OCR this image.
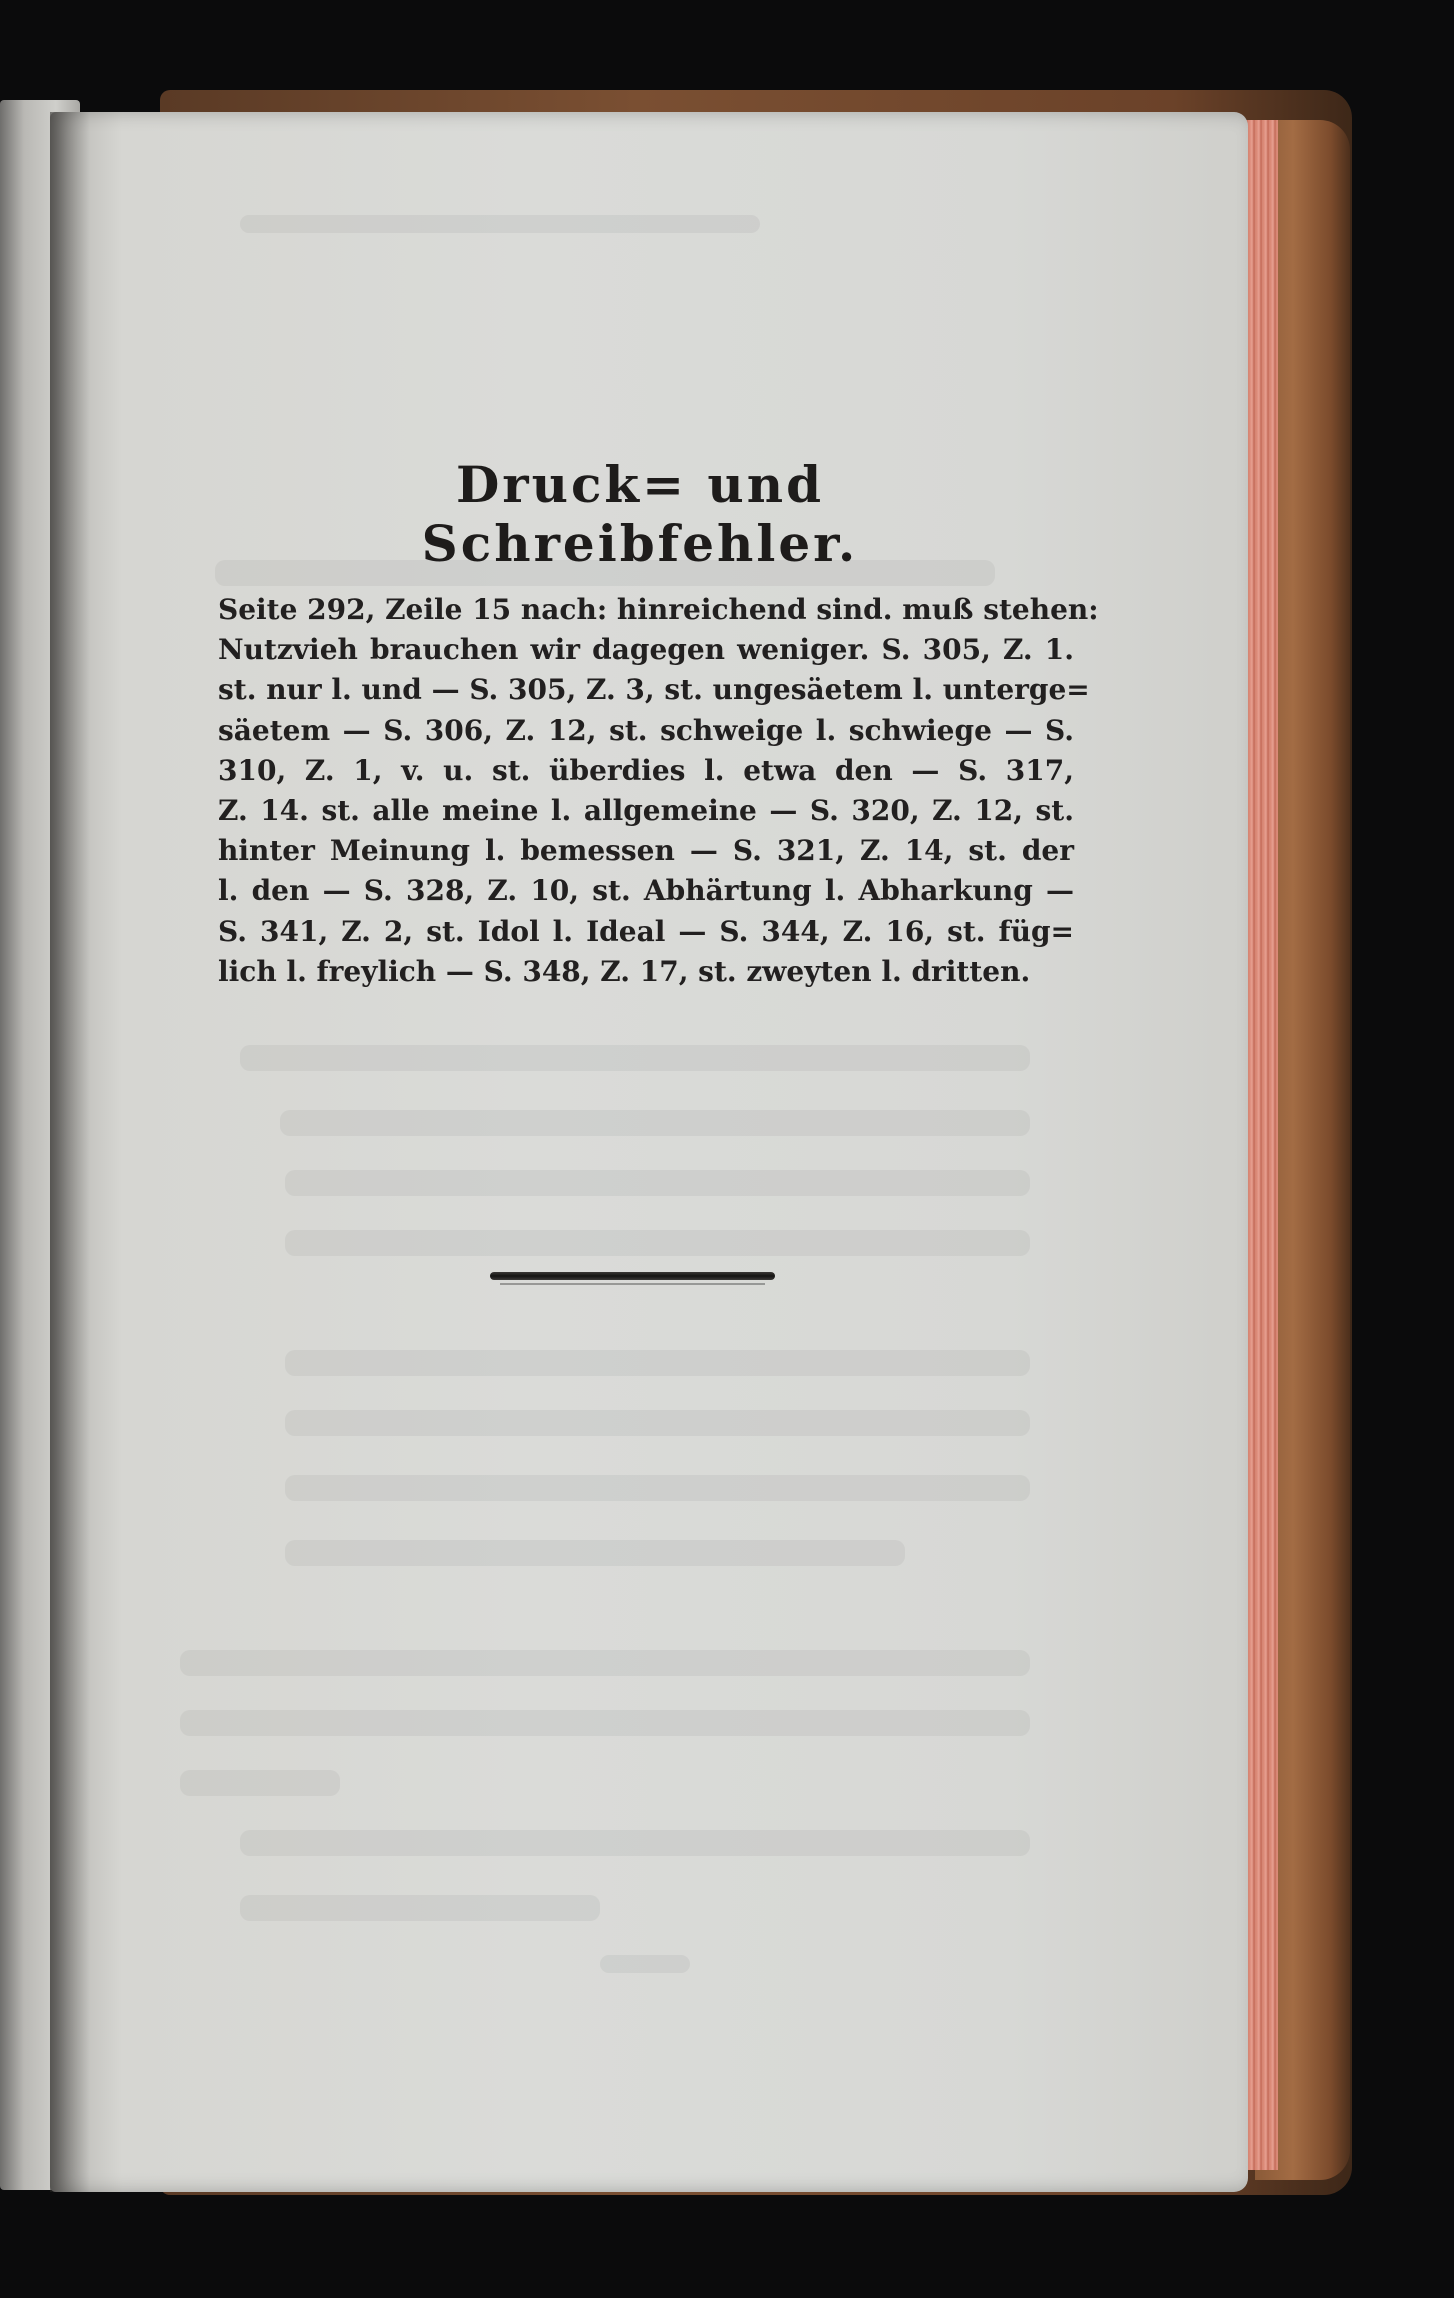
Druck= und Schreibfehler.
Seite 292, Zeile 15 nach: hinreichend sind. muß stehen:
Nutzvieh brauchen wir dagegen weniger. S. 305, Z. 1.
st. nur l. und — S. 305, Z. 3, st. ungesäetem l. unterge=
säetem — S. 306, Z. 12, st. schweige l. schwiege — S.
310, Z. 1, v. u. st. überdies l. etwa den — S. 317,
Z. 14. st. alle meine l. allgemeine — S. 320, Z. 12, st.
hinter Meinung l. bemessen — S. 321, Z. 14, st. der
l. den — S. 328, Z. 10, st. Abhärtung l. Abharkung —
S. 341, Z. 2, st. Idol l. Ideal — S. 344, Z. 16, st. füg=
lich l. freylich — S. 348, Z. 17, st. zweyten l. dritten.
